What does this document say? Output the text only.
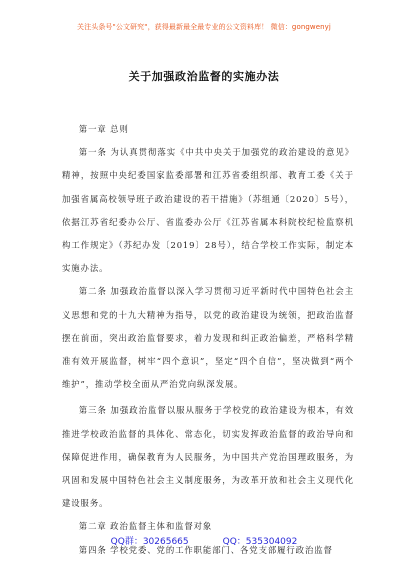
关注头条号"公文研究"，获得最新最全最专业的公文资料库！ 微信：gongwenyj
关于加强政治监督的实施办法

第一章 总则

第一条 为认真贯彻落实《中共中央关于加强党的政治建设的意见》精神，按照中央纪委国家监委部署和江苏省委组织部、教育工委《关于加强省属高校领导班子政治建设的若干措施》（苏组通〔2020〕5号），依据江苏省纪委办公厅、省监委办公厅《江苏省属本科院校纪检监察机构工作规定》（苏纪办发〔2019〕28号），结合学校工作实际，制定本实施办法。

第二条 加强政治监督以深入学习贯彻习近平新时代中国特色社会主义思想和党的十九大精神为指导，以党的政治建设为统领，把政治监督摆在前面，突出政治监督要求，着力发现和纠正政治偏差，严格科学精准有效开展监督，树牢“四个意识”，坚定“四个自信”，坚决做到“两个维护”，推动学校全面从严治党向纵深发展。

第三条 加强政治监督以服从服务于学校党的政治建设为根本，有效推进学校政治监督的具体化、常态化，切实发挥政治监督的政治导向和保障促进作用，确保教育为人民服务，为中国共产党治国理政服务，为巩固和发展中国特色社会主义制度服务，为改革开放和社会主义现代化建设服务。

第二章 政治监督主体和监督对象

第四条 学校党委、党的工作职能部门、各党支部履行政治监督

QQ群：30265665	QQ：535304092
